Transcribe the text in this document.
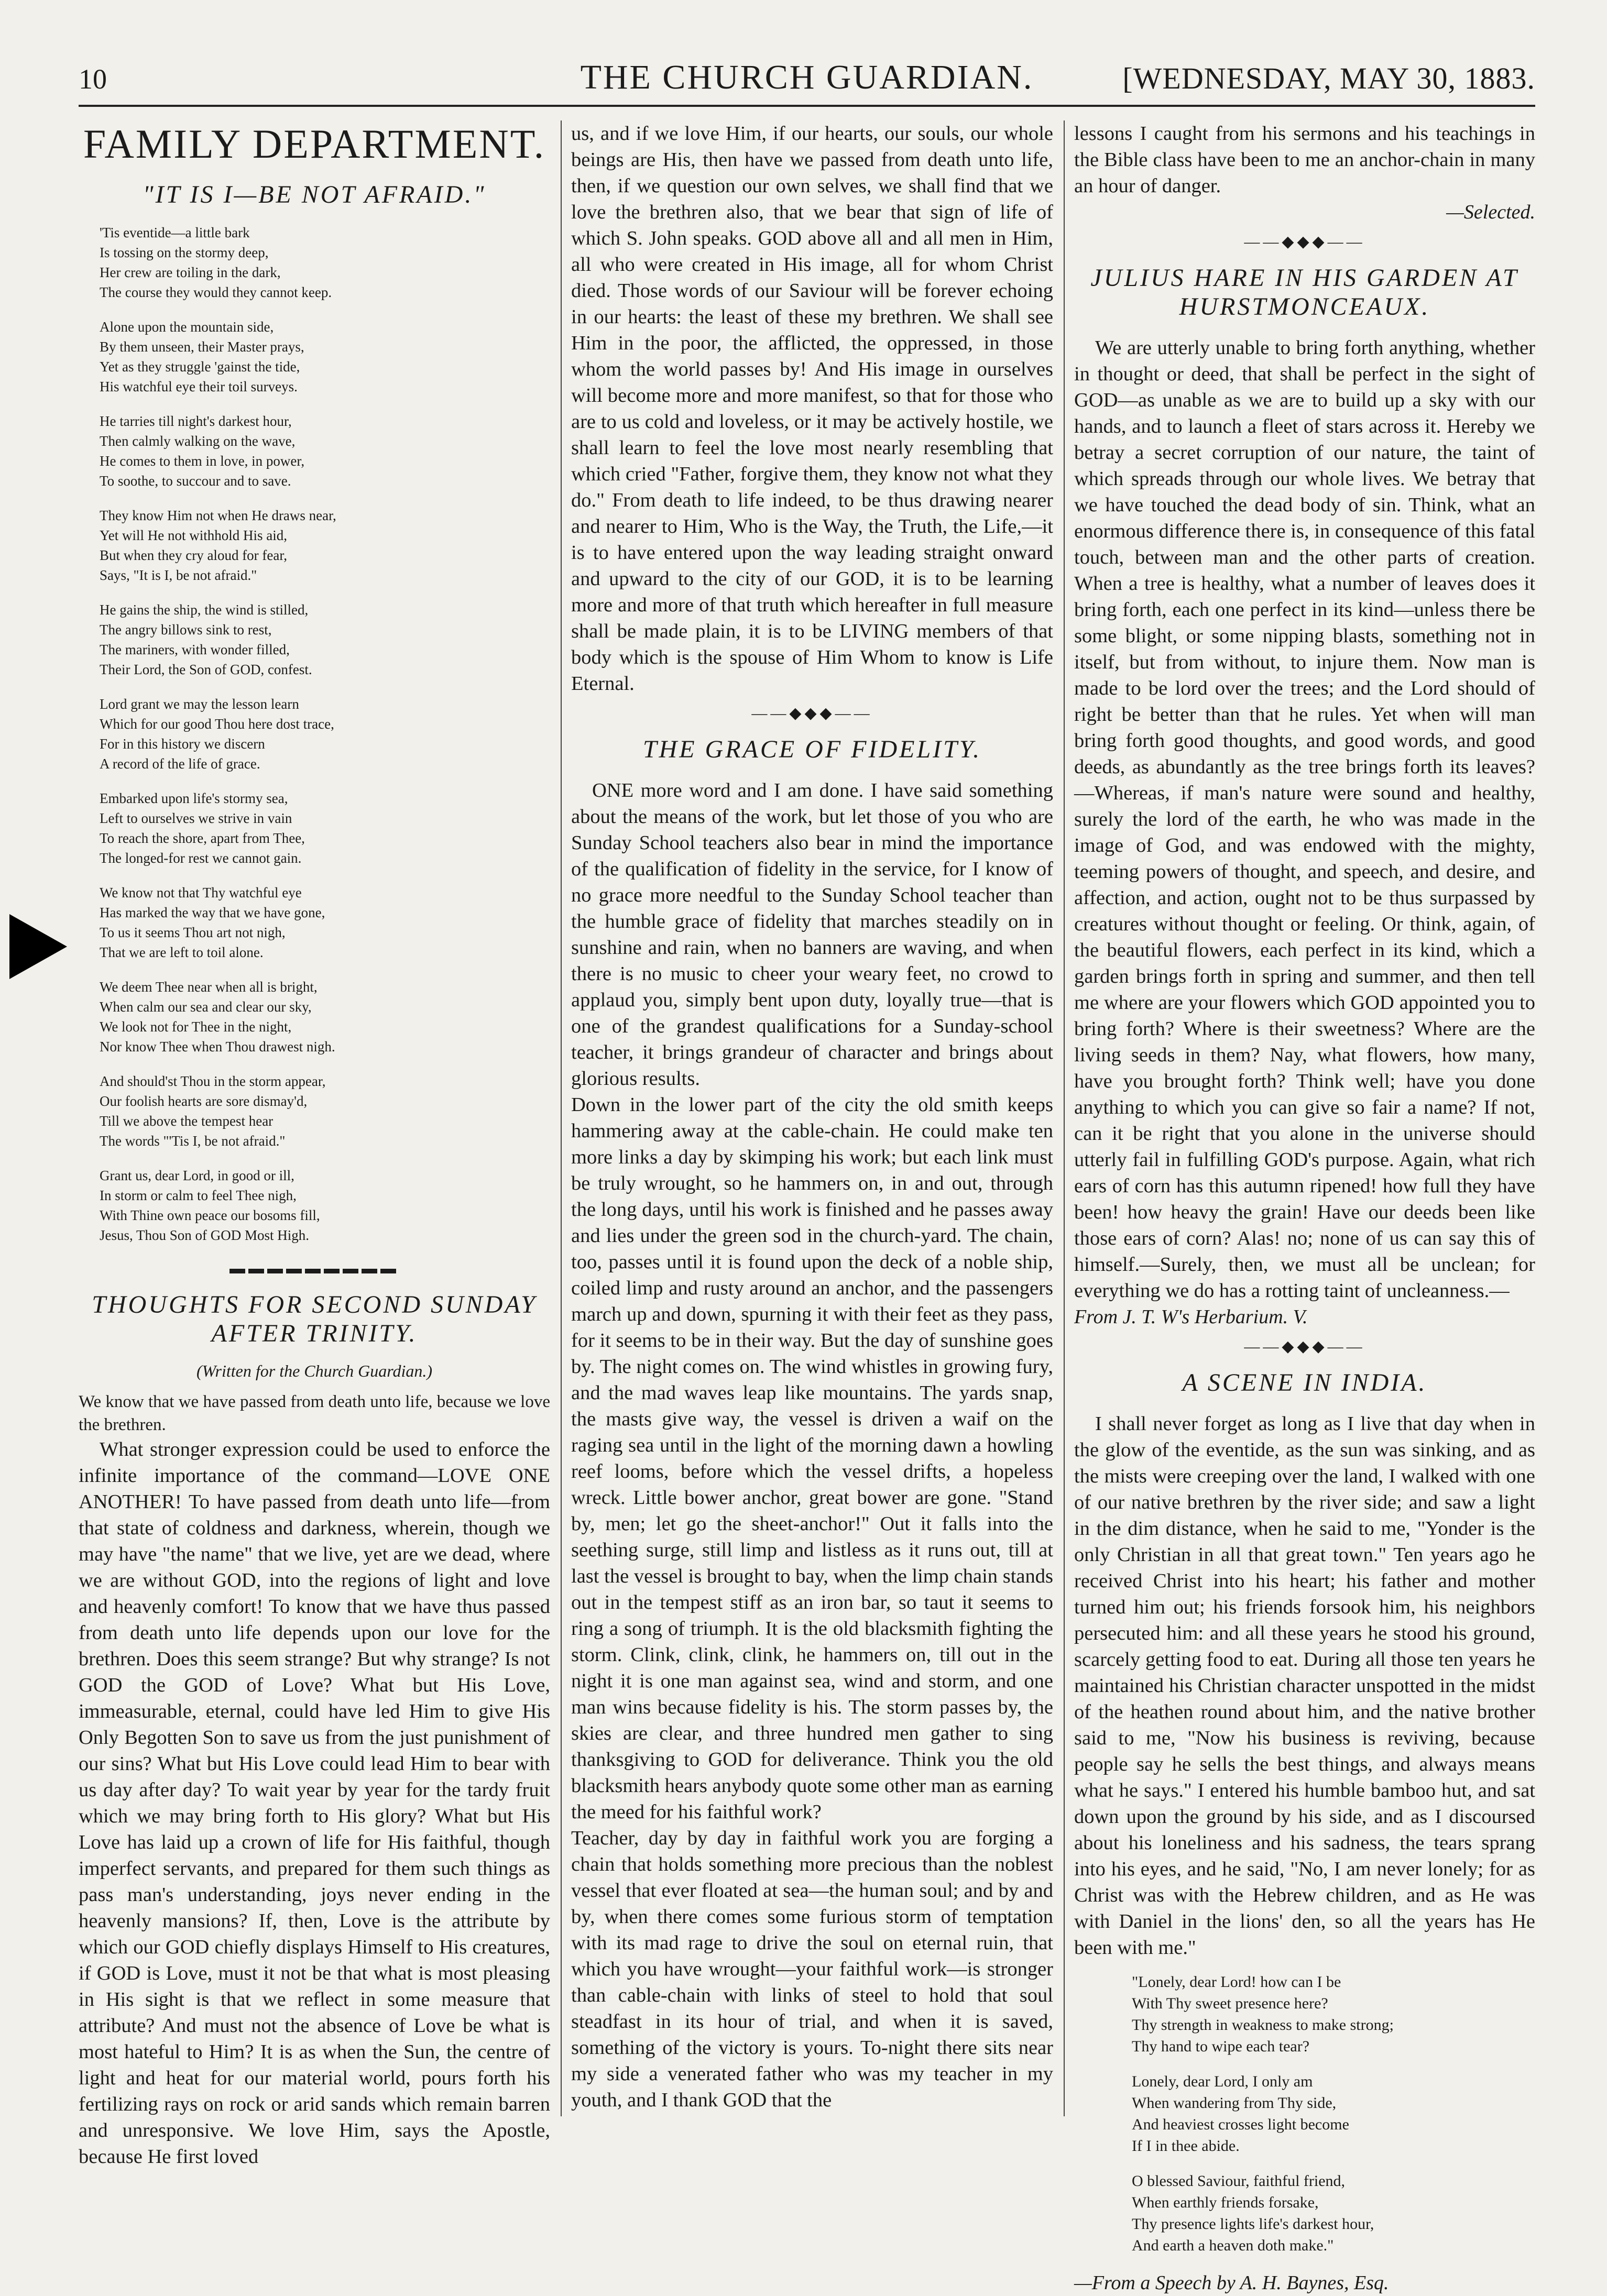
10	THE CHURCH GUARDIAN.	[WEDNESDAY, MAY 30, 1883.
FAMILY DEPARTMENT.
"IT IS I—BE NOT AFRAID."
'Tis eventide—a little bark
Is tossing on the stormy deep,
Her crew are toiling in the dark,
The course they would they cannot keep.
Alone upon the mountain side,
By them unseen, their Master prays,
Yet as they struggle 'gainst the tide,
His watchful eye their toil surveys.
He tarries till night's darkest hour,
Then calmly walking on the wave,
He comes to them in love, in power,
To soothe, to succour and to save.
They know Him not when He draws near,
Yet will He not withhold His aid,
But when they cry aloud for fear,
Says, "It is I, be not afraid."
He gains the ship, the wind is stilled,
The angry billows sink to rest,
The mariners, with wonder filled,
Their Lord, the Son of GOD, confest.
Lord grant we may the lesson learn
Which for our good Thou here dost trace,
For in this history we discern
A record of the life of grace.
Embarked upon life's stormy sea,
Left to ourselves we strive in vain
To reach the shore, apart from Thee,
The longed-for rest we cannot gain.
We know not that Thy watchful eye
Has marked the way that we have gone,
To us it seems Thou art not nigh,
That we are left to toil alone.
We deem Thee near when all is bright,
When calm our sea and clear our sky,
We look not for Thee in the night,
Nor know Thee when Thou drawest nigh.
And should'st Thou in the storm appear,
Our foolish hearts are sore dismay'd,
Till we above the tempest hear
The words "'Tis I, be not afraid."
Grant us, dear Lord, in good or ill,
In storm or calm to feel Thee nigh,
With Thine own peace our bosoms fill,
Jesus, Thou Son of GOD Most High.
▬▬▬▬▬▬▬▬▬
THOUGHTS FOR SECOND SUNDAY AFTER TRINITY.
(Written for the Church Guardian.)
We know that we have passed from death unto life, because we love the brethren.
What stronger expression could be used to enforce the infinite importance of the command—LOVE ONE ANOTHER! To have passed from death unto life—from that state of coldness and darkness, wherein, though we may have "the name" that we live, yet are we dead, where we are without GOD, into the regions of light and love and heavenly comfort! To know that we have thus passed from death unto life depends upon our love for the brethren. Does this seem strange? But why strange? Is not GOD the GOD of Love? What but His Love, immeasurable, eternal, could have led Him to give His Only Begotten Son to save us from the just punishment of our sins? What but His Love could lead Him to bear with us day after day? To wait year by year for the tardy fruit which we may bring forth to His glory? What but His Love has laid up a crown of life for His faithful, though imperfect servants, and prepared for them such things as pass man's understanding, joys never ending in the heavenly mansions? If, then, Love is the attribute by which our GOD chiefly displays Himself to His creatures, if GOD is Love, must it not be that what is most pleasing in His sight is that we reflect in some measure that attribute? And must not the absence of Love be what is most hateful to Him? It is as when the Sun, the centre of light and heat for our material world, pours forth his fertilizing rays on rock or arid sands which remain barren and unresponsive. We love Him, says the Apostle, because He first loved
us, and if we love Him, if our hearts, our souls, our whole beings are His, then have we passed from death unto life, then, if we question our own selves, we shall find that we love the brethren also, that we bear that sign of life of which S. John speaks. GOD above all and all men in Him, all who were created in His image, all for whom Christ died. Those words of our Saviour will be forever echoing in our hearts: the least of these my brethren. We shall see Him in the poor, the afflicted, the oppressed, in those whom the world passes by! And His image in ourselves will become more and more manifest, so that for those who are to us cold and loveless, or it may be actively hostile, we shall learn to feel the love most nearly resembling that which cried "Father, forgive them, they know not what they do." From death to life indeed, to be thus drawing nearer and nearer to Him, Who is the Way, the Truth, the Life,—it is to have entered upon the way leading straight onward and upward to the city of our GOD, it is to be learning more and more of that truth which hereafter in full measure shall be made plain, it is to be LIVING members of that body which is the spouse of Him Whom to know is Life Eternal.
——◆◆◆——
THE GRACE OF FIDELITY.
ONE more word and I am done. I have said something about the means of the work, but let those of you who are Sunday School teachers also bear in mind the importance of the qualification of fidelity in the service, for I know of no grace more needful to the Sunday School teacher than the humble grace of fidelity that marches steadily on in sunshine and rain, when no banners are waving, and when there is no music to cheer your weary feet, no crowd to applaud you, simply bent upon duty, loyally true—that is one of the grandest qualifications for a Sunday-school teacher, it brings grandeur of character and brings about glorious results.
Down in the lower part of the city the old smith keeps hammering away at the cable-chain. He could make ten more links a day by skimping his work; but each link must be truly wrought, so he hammers on, in and out, through the long days, until his work is finished and he passes away and lies under the green sod in the church-yard. The chain, too, passes until it is found upon the deck of a noble ship, coiled limp and rusty around an anchor, and the passengers march up and down, spurning it with their feet as they pass, for it seems to be in their way. But the day of sunshine goes by. The night comes on. The wind whistles in growing fury, and the mad waves leap like mountains. The yards snap, the masts give way, the vessel is driven a waif on the raging sea until in the light of the morning dawn a howling reef looms, before which the vessel drifts, a hopeless wreck. Little bower anchor, great bower are gone. "Stand by, men; let go the sheet-anchor!" Out it falls into the seething surge, still limp and listless as it runs out, till at last the vessel is brought to bay, when the limp chain stands out in the tempest stiff as an iron bar, so taut it seems to ring a song of triumph. It is the old blacksmith fighting the storm. Clink, clink, clink, he hammers on, till out in the night it is one man against sea, wind and storm, and one man wins because fidelity is his. The storm passes by, the skies are clear, and three hundred men gather to sing thanksgiving to GOD for deliverance. Think you the old blacksmith hears anybody quote some other man as earning the meed for his faithful work?
Teacher, day by day in faithful work you are forging a chain that holds something more precious than the noblest vessel that ever floated at sea—the human soul; and by and by, when there comes some furious storm of temptation with its mad rage to drive the soul on eternal ruin, that which you have wrought—your faithful work—is stronger than cable-chain with links of steel to hold that soul steadfast in its hour of trial, and when it is saved, something of the victory is yours. To-night there sits near my side a venerated father who was my teacher in my youth, and I thank GOD that the
lessons I caught from his sermons and his teachings in the Bible class have been to me an anchor-chain in many an hour of danger.
—Selected.
——◆◆◆——
JULIUS HARE IN HIS GARDEN AT HURSTMONCEAUX.
We are utterly unable to bring forth anything, whether in thought or deed, that shall be perfect in the sight of GOD—as unable as we are to build up a sky with our hands, and to launch a fleet of stars across it. Hereby we betray a secret corruption of our nature, the taint of which spreads through our whole lives. We betray that we have touched the dead body of sin. Think, what an enormous difference there is, in consequence of this fatal touch, between man and the other parts of creation. When a tree is healthy, what a number of leaves does it bring forth, each one perfect in its kind—unless there be some blight, or some nipping blasts, something not in itself, but from without, to injure them. Now man is made to be lord over the trees; and the Lord should of right be better than that he rules. Yet when will man bring forth good thoughts, and good words, and good deeds, as abundantly as the tree brings forth its leaves?—Whereas, if man's nature were sound and healthy, surely the lord of the earth, he who was made in the image of God, and was endowed with the mighty, teeming powers of thought, and speech, and desire, and affection, and action, ought not to be thus surpassed by creatures without thought or feeling. Or think, again, of the beautiful flowers, each perfect in its kind, which a garden brings forth in spring and summer, and then tell me where are your flowers which GOD appointed you to bring forth? Where is their sweetness? Where are the living seeds in them? Nay, what flowers, how many, have you brought forth? Think well; have you done anything to which you can give so fair a name? If not, can it be right that you alone in the universe should utterly fail in fulfilling GOD's purpose. Again, what rich ears of corn has this autumn ripened! how full they have been! how heavy the grain! Have our deeds been like those ears of corn? Alas! no; none of us can say this of himself.—Surely, then, we must all be unclean; for everything we do has a rotting taint of uncleanness.—
From J. T. W's Herbarium. V.
——◆◆◆——
A SCENE IN INDIA.
I shall never forget as long as I live that day when in the glow of the eventide, as the sun was sinking, and as the mists were creeping over the land, I walked with one of our native brethren by the river side; and saw a light in the dim distance, when he said to me, "Yonder is the only Christian in all that great town." Ten years ago he received Christ into his heart; his father and mother turned him out; his friends forsook him, his neighbors persecuted him: and all these years he stood his ground, scarcely getting food to eat. During all those ten years he maintained his Christian character unspotted in the midst of the heathen round about him, and the native brother said to me, "Now his business is reviving, because people say he sells the best things, and always means what he says." I entered his humble bamboo hut, and sat down upon the ground by his side, and as I discoursed about his loneliness and his sadness, the tears sprang into his eyes, and he said, "No, I am never lonely; for as Christ was with the Hebrew children, and as He was with Daniel in the lions' den, so all the years has He been with me."
"Lonely, dear Lord! how can I be
With Thy sweet presence here?
Thy strength in weakness to make strong;
Thy hand to wipe each tear?
Lonely, dear Lord, I only am
When wandering from Thy side,
And heaviest crosses light become
If I in thee abide.
O blessed Saviour, faithful friend,
When earthly friends forsake,
Thy presence lights life's darkest hour,
And earth a heaven doth make."
—From a Speech by A. H. Baynes, Esq.
